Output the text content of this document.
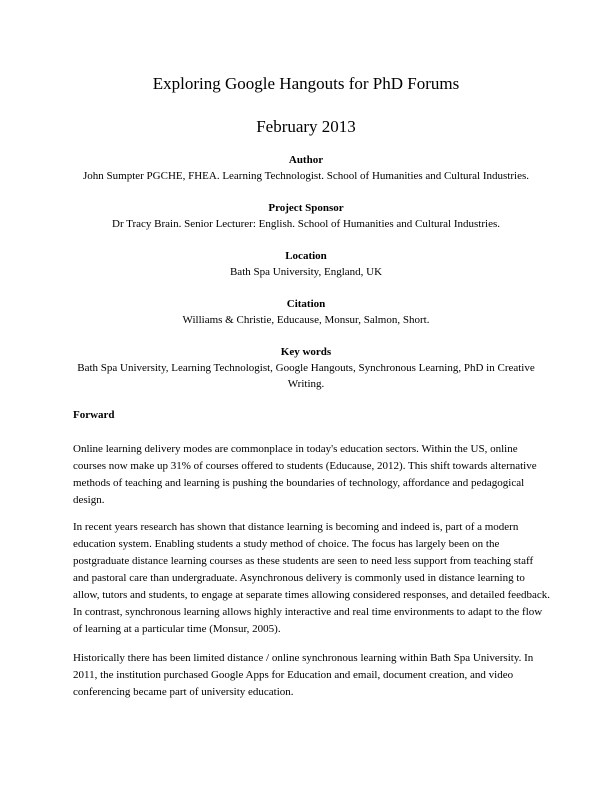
Exploring Google Hangouts for PhD Forums
February 2013
Author
John Sumpter PGCHE, FHEA. Learning Technologist. School of Humanities and Cultural Industries.
Project Sponsor
Dr Tracy Brain. Senior Lecturer: English. School of Humanities and Cultural Industries.
Location
Bath Spa University, England, UK
Citation
Williams & Christie, Educause, Monsur, Salmon, Short.
Key words
Bath Spa University, Learning Technologist, Google Hangouts, Synchronous Learning, PhD in Creative Writing.
Forward

Online learning delivery modes are commonplace in today's education sectors. Within the US, online courses now make up 31% of courses offered to students (Educause, 2012). This shift towards alternative methods of teaching and learning is pushing the boundaries of technology, affordance and pedagogical design.

In recent years research has shown that distance learning is becoming and indeed is, part of a modern education system. Enabling students a study method of choice. The focus has largely been on the postgraduate distance learning courses as these students are seen to need less support from teaching staff and pastoral care than undergraduate. Asynchronous delivery is commonly used in distance learning to allow, tutors and students, to engage at separate times allowing considered responses, and detailed feedback. In contrast, synchronous learning allows highly interactive and real time environments to adapt to the flow of learning at a particular time (Monsur, 2005).

Historically there has been limited distance / online synchronous learning within Bath Spa University. In 2011, the institution purchased Google Apps for Education and email, document creation, and video conferencing became part of university education.
